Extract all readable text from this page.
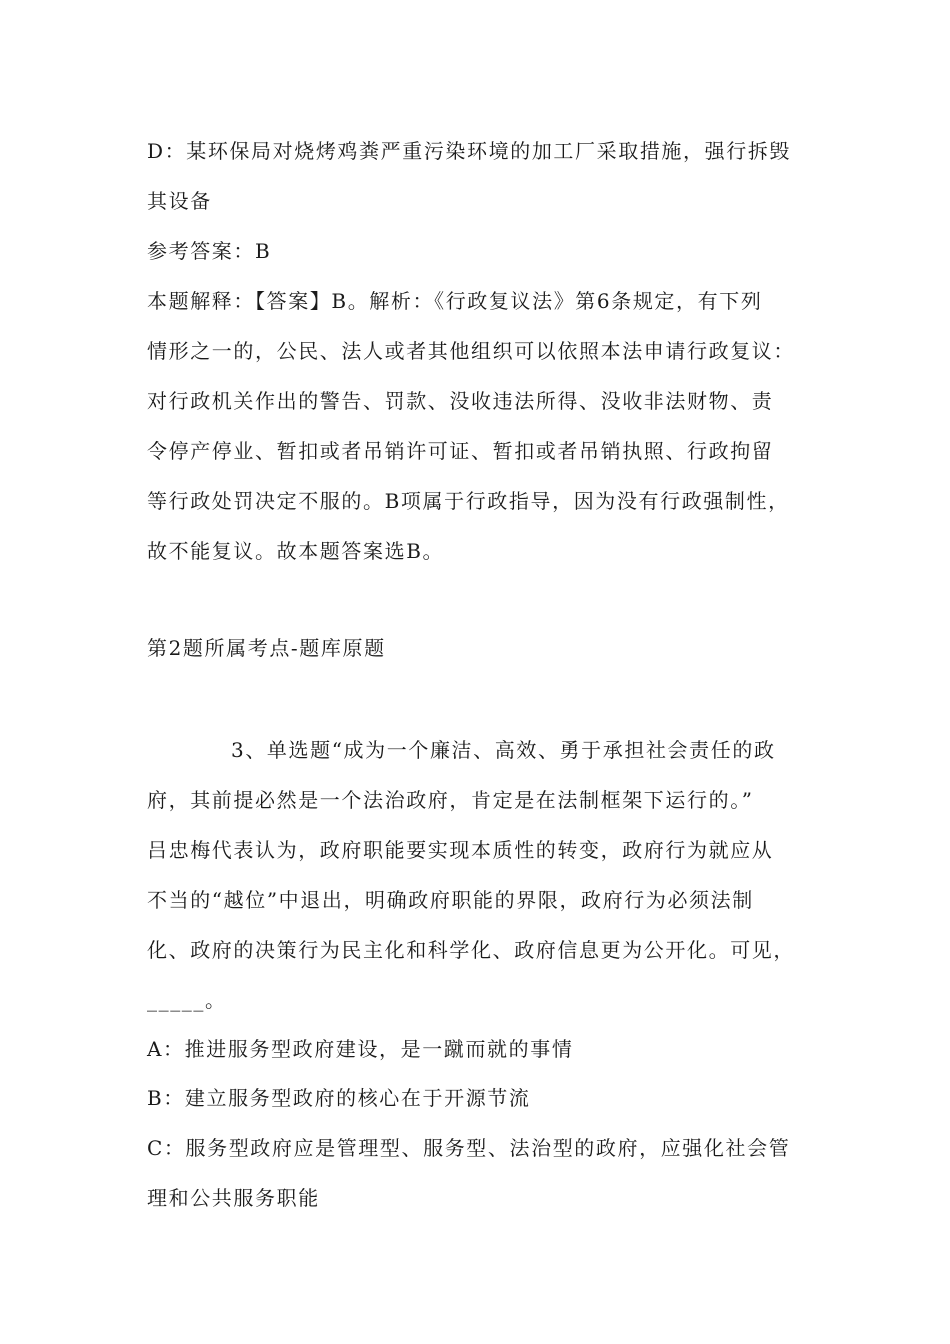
D：某环保局对烧烤鸡粪严重污染环境的加工厂采取措施，强行拆毁
其设备
参考答案：B
本题解释：【答案】B。解析：《行政复议法》第6条规定，有下列
情形之一的，公民、法人或者其他组织可以依照本法申请行政复议：
对行政机关作出的警告、罚款、没收违法所得、没收非法财物、责
令停产停业、暂扣或者吊销许可证、暂扣或者吊销执照、行政拘留
等行政处罚决定不服的。B项属于行政指导，因为没有行政强制性，
故不能复议。故本题答案选B。
第2题所属考点-题库原题
3、单选题“成为一个廉洁、高效、勇于承担社会责任的政
府，其前提必然是一个法治政府，肯定是在法制框架下运行的。”
吕忠梅代表认为，政府职能要实现本质性的转变，政府行为就应从
不当的“越位”中退出，明确政府职能的界限，政府行为必须法制
化、政府的决策行为民主化和科学化、政府信息更为公开化。可见，
_____。
A：推进服务型政府建设，是一蹴而就的事情
B：建立服务型政府的核心在于开源节流
C：服务型政府应是管理型、服务型、法治型的政府，应强化社会管
理和公共服务职能
